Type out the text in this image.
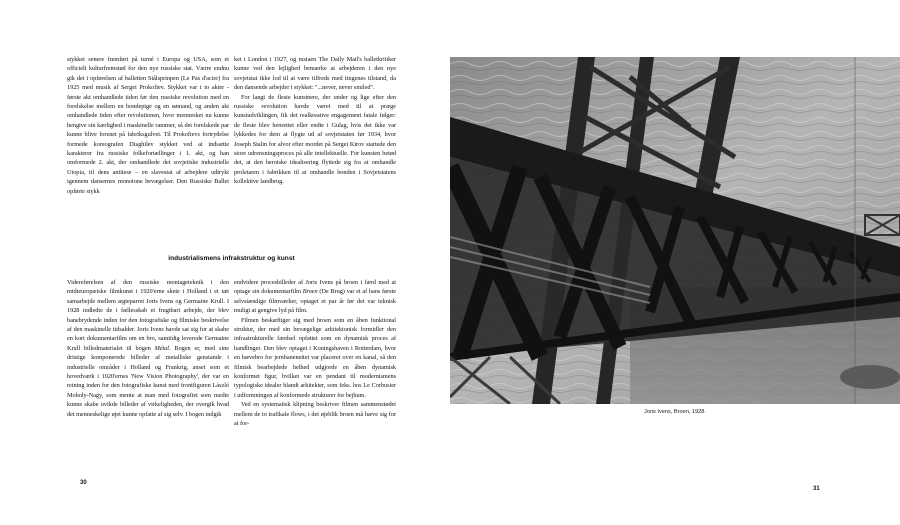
stykket senere fremført på turné i Europa og USA, som et officielt kulturfremstød for den nye russiske stat. Værre endnu gik det i opførelsen af balletten Stålsprinpen (Le Pas d'acier) fra 1925 med musik af Sergei Prokofiev. Stykket var i to akter - første akt omhandlede tiden før den russiske revolution med en forelskelse mellem en bondepige og en sømand, og anden akt omhandlede tiden efter revolutionen, hvor mennesket nu kunne hengive sin kærlighed i maskinelle rammer, så det forelskede par kunne blive forenet på fabriksgulvet. Til Prokofievs fortrydelse formede koreografen Diaghilev stykket ved at indsætte karakterer fra russiske folkefortællinger i 1. akt, og han omformede 2. akt, der omhandlede det sovjetiske industrielle Utopia, til dens antitese – en slavestat af arbejdere udtrykt igennem dansernes monotone bevægelser. Den Russiske Ballet opførte stykk

ket i London i 1927, og msiaen The Daily Mail's balletkritiker kunne ved den lejlighed bemærke at arbejderen i den nye sovjetstat ikke lod til at være tilfreds med tingenes tilstand, da den dansende arbejder i stykket: "...never, never smiled".

For langt de fleste kunstnere, der under og lige efter den russiske revolution havde været med til at præge kunstudviklingen, fik det realkreative engagement fatale følger: de fleste blev henrettet eller endte i Gulag, hvis det ikke var lykkedes for dem at flygte ud af sovjetstaten før 1934, hvor Joseph Stalin for alvor efter mordet på Sergei Kirov startede den store udrensningsproces på alle intellektuelle. For kunsten betød det, at den heroiske idealisering flyttede sig fra at omhandle proletaren i fabrikken til at omhandle bonden i Sovjetstatens kollektive landbrug.

industrialismens infrakstruktur og kunst

Videreførelsen af den russiske montageteknik i den midteuropæiske filmkunst i 1920'erne skete i Holland i et tæt samarbejde mellem ægteparret Joris Ivens og Germaine Krull. I 1928 indledte de i fællesskab et frugtbart arbejde, der blev banebrydende inden for den fotografiske og filmiske beskrivelse af den maskinelle tidsalder. Joris Ivens havde sat sig for at skabe en kort dokumentarfilm om en bro, samtidig leverede Germaine Krull billedmaterialet til bogen Métal. Bogen er, med sine dristige komponerede billeder af metalliske genstande i industrielle områder i Holland og Frankrig, anset som et hovedværk i 1920'ernes 'New Vision Photography', der var en retning inden for den fotografiske kunst med frontfiguren László Moholy-Nagy, som mente at man med fotografiet som medie kunne skabe uvikde billeder af virkeligheden, der overgik hvad det menneskelige øjet kunne opfatte af sig selv. I bogen indgik

endvidere procesbilleder af Joris Ivens på broen i færd med at optage sin dokumentarfilm Broen (De Brug) var et af hans første selvstændige filmværker, optaget et par år før det var teknisk muligt at gengive lyd på film.

Filmen beskæftiger sig med broen som en åben funktional struktur, der med sin bevægelige arkitektonisk formidler den infrastrukturelle færdsel opfattet som en dynamisk proces af handlinger. Den blev optaget i Koningshaven i Rotterdam, hvor en hævebro for jernbanenettet var placeret over en kanal, så den filmisk bearbejdede helhed udgjorde en åben dynamisk konformet figur, hvilket var en pendant til modernismens typologiske idealer blandt arkitekter, som feks. hos Le Corbusier i udformningen af konformede strukturer for bejhum.

Ved en systematisk klipning beskriver filmen sammenstødet mellem de to trafikale flows, i det øjeblik broen må hæve sig for at for-

30
Joris Ivens, Broen, 1928.
31
